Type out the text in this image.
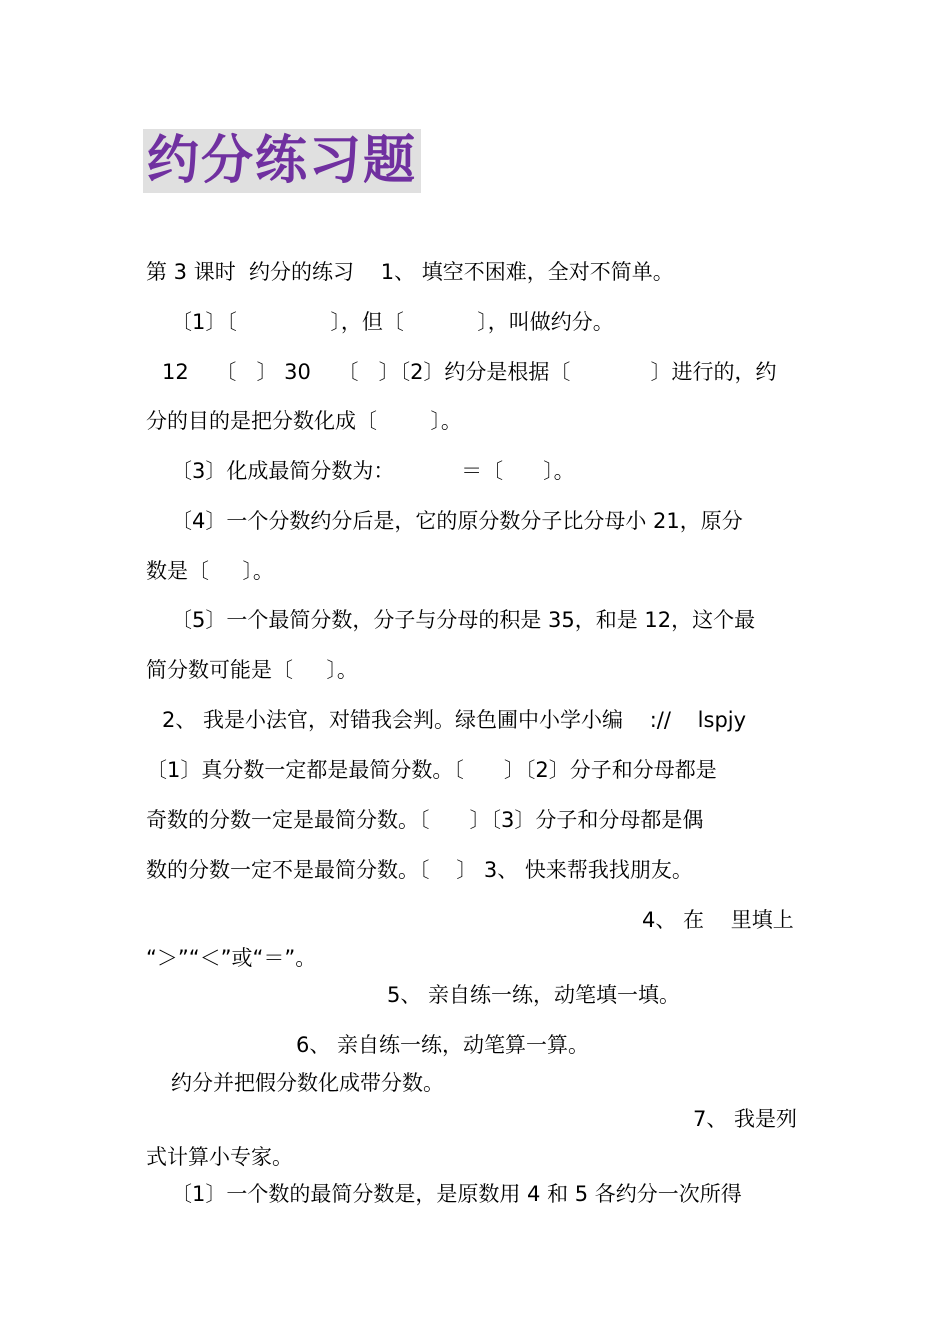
约分练习题
第 3 课时  约分的练习    1、 填空不困难，全对不简单。
〔1〕〔              〕，但〔           〕，叫做约分。
12    〔   〕 30    〔   〕〔2〕约分是根据〔            〕进行的，约
分的目的是把分数化成〔        〕。
〔3〕化成最简分数为：          ＝〔      〕。
〔4〕一个分数约分后是，它的原分数分子比分母小 21，原分
数是〔     〕。
〔5〕一个最简分数，分子与分母的积是 35，和是 12，这个最
简分数可能是〔     〕。
2、 我是小法官，对错我会判。绿色圃中小学小编    ://    lspjy
〔1〕真分数一定都是最简分数。〔      〕〔2〕分子和分母都是
奇数的分数一定是最简分数。〔      〕〔3〕分子和分母都是偶
数的分数一定不是最简分数。〔    〕 3、 快来帮我找朋友。
4、 在    里填上
“＞”“＜”或“＝”。
5、 亲自练一练，动笔填一填。
6、 亲自练一练，动笔算一算。
约分并把假分数化成带分数。
7、 我是列
式计算小专家。
〔1〕一个数的最简分数是，是原数用 4 和 5 各约分一次所得
